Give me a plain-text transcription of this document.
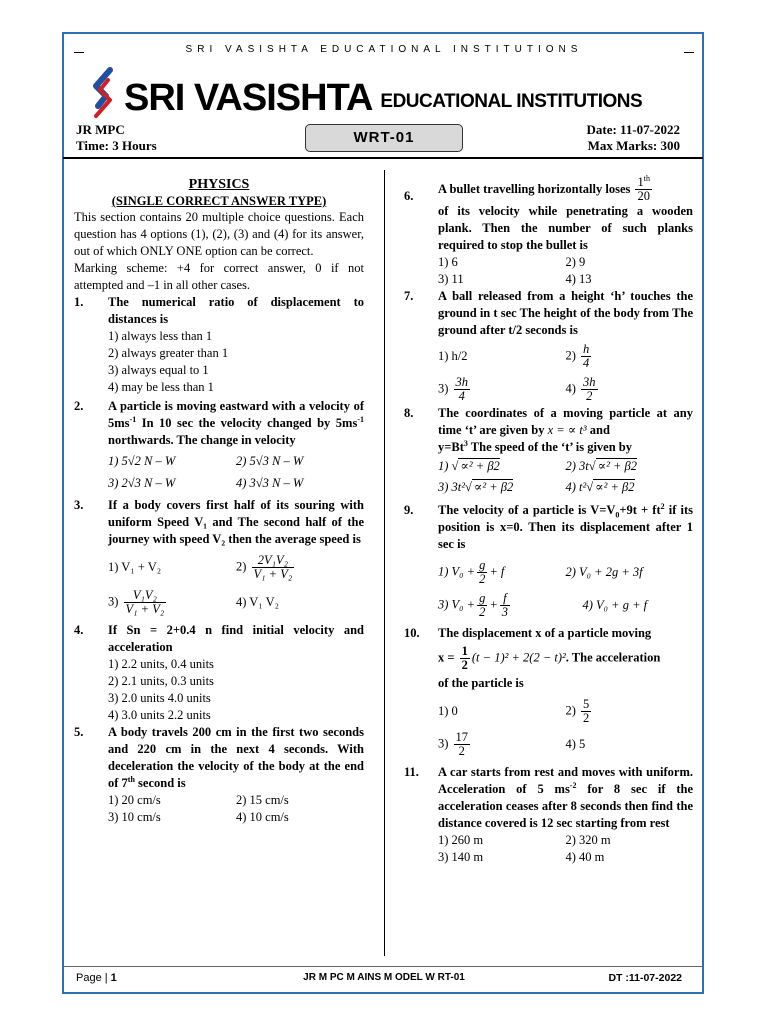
SRI VASISHTA EDUCATIONAL INSTITUTIONS
SRI VASISHTA EDUCATIONAL INSTITUTIONS
JR MPC
Time: 3 Hours	WRT-01	Date: 11-07-2022
Max Marks: 300
PHYSICS
(SINGLE CORRECT ANSWER TYPE)
This section contains 20 multiple choice questions. Each question has 4 options (1), (2), (3) and (4) for its answer, out of which ONLY ONE option can be correct.
Marking scheme: +4 for correct answer, 0 if not attempted and –1 in all other cases.
1. The numerical ratio of displacement to distances is
1) always less than 1
2) always greater than 1
3) always equal to 1
4) may be less than 1
2. A particle is moving eastward with a velocity of $5ms^{-1}$ In 10 sec the velocity changed by $5ms^{-1}$ northwards. The change in velocity
1) 5√2 N – W	2) 5√3 N – W
3) 2√3 N – W	4) 3√3 N – W
3. If a body covers first half of its souring with uniform Speed V₁ and The second half of the journey with speed V₂ then the average speed is
1) V₁ + V₂	$2) \frac{\text{2V₁V₂}}{\text{V₁ + V₂}}$
$3) \frac{\text{V₁V₂}}{\text{V₁ + V₂}}$	4) V₁ V₂
4. If Sn = 2+0.4 n find initial velocity and acceleration
1) 2.2 units, 0.4 units
2) 2.1 units, 0.3 units
3) 2.0 units 4.0 units
4) 3.0 units 2.2 units
5. A body travels 200 cm in the first two seconds and 220 cm in the next 4 seconds. With deceleration the velocity of the body at the end of 7th second is
1) 20 cm/s	2) 15 cm/s
3) 10 cm/s	4) 10 cm/s
6. A bullet travelling horizontally loses $\frac{1^{th}}{20}$
of its velocity while penetrating a wooden plank. Then the number of such planks required to stop the bullet is
1) 6	2) 9
3) 11	4) 13
7. A ball released from a height ‘h’ touches the ground in t sec The height of the body from The ground after t/2 seconds is
1) h/2	$2) \frac{h}{4}$
$3) \frac{3h}{4}$	$4) \frac{3h}{2}$
8. The coordinates of a moving particle at any time ‘t’ are given by x = ∝ t³ and
$y=Bt^3$ The speed of the ‘t’ is given by
1) √ ∝² + β2	2) 3t√ ∝² + β2
3) 3t²√ ∝² + β2	4) t²√ ∝² + β2
9. The velocity of a particle is $V=V_0+9t + ft^2$ if its position is x=0. Then its displacement after 1 sec is
1) $V_0 + \frac{g}{2} + f$	2) V₀ + 2g + 3f
3) $V_0 + \frac{g}{2} + \frac{f}{3}$	4) V₀ + g + f
10. The displacement x of a particle moving
$x = \frac{1}{2} (t - 1)^2 + 2(2 - t)^2$. The acceleration
of the particle is
1) 0	$2) \frac{5}{2}$
$3) \frac{17}{2}$	4) 5
11. A car starts from rest and moves with uniform. Acceleration of 5 $ms^{-2}$ for 8 sec if the acceleration ceases after 8 seconds then find the distance covered is 12 sec starting from rest
1) 260 m	2) 320 m
3) 140 m	4) 40 m
Page | 1	JR M PC M AINS M ODEL W RT-01	DT :11-07-2022
